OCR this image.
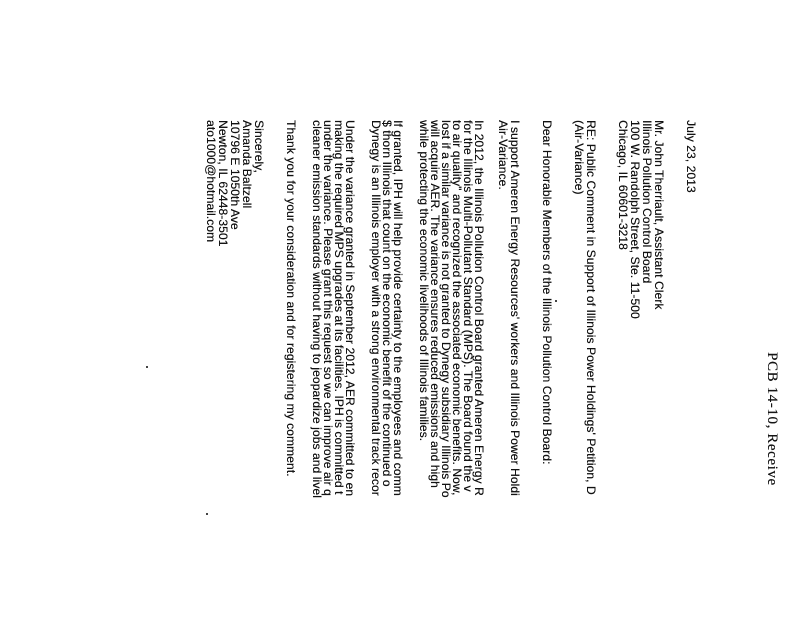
PCB 14-10, Receive
July 23, 2013
Mr. John Therriault, Assistant Clerk
Illinois Pollution Control Board
100 W. Randolph Street, Ste. 11-500
Chicago, IL 60601-3218
RE: Public Comment in Support of Illinois Power Holdings' Petition, D
(Air-Variance)
Dear Honorable Members of the Illinois Pollution Control Board:
I support Ameren Energy Resources' workers and Illinois Power Holdi
Air-Variance.
In 2012, the Illinois Pollution Control Board granted Ameren Energy R
for the Illinois Multi-Pollutant Standard (MPS). The Board found the v
to air quality" and recognized the associated economic benefits. Now,
lost if a similar variance is not granted to Dynegy subsidiary Illinois Po
will acquire AER. The variance ensures reduced emissions and high
while protecting the economic livelihoods of Illinois families.
If granted, IPH will help provide certainty to the employees and comm
$ thorn Illinois that count on the economic benefit of the continued o
Dynegy is an Illinois employer with a strong environmental track recor
Under the variance granted in September 2012, AER committed to en
making the required MPS upgrades at its facilities. IPH is committed t
under the variance. Please grant this request so we can improve air q
cleaner emission standards without having to jeopardize jobs and livel
Thank you for your consideration and for registering my comment.
Sincerely,
Amanda Baltzell
10796 E 1050th Ave
Newton, IL 62448-3501
ato1000@hotmail.com
